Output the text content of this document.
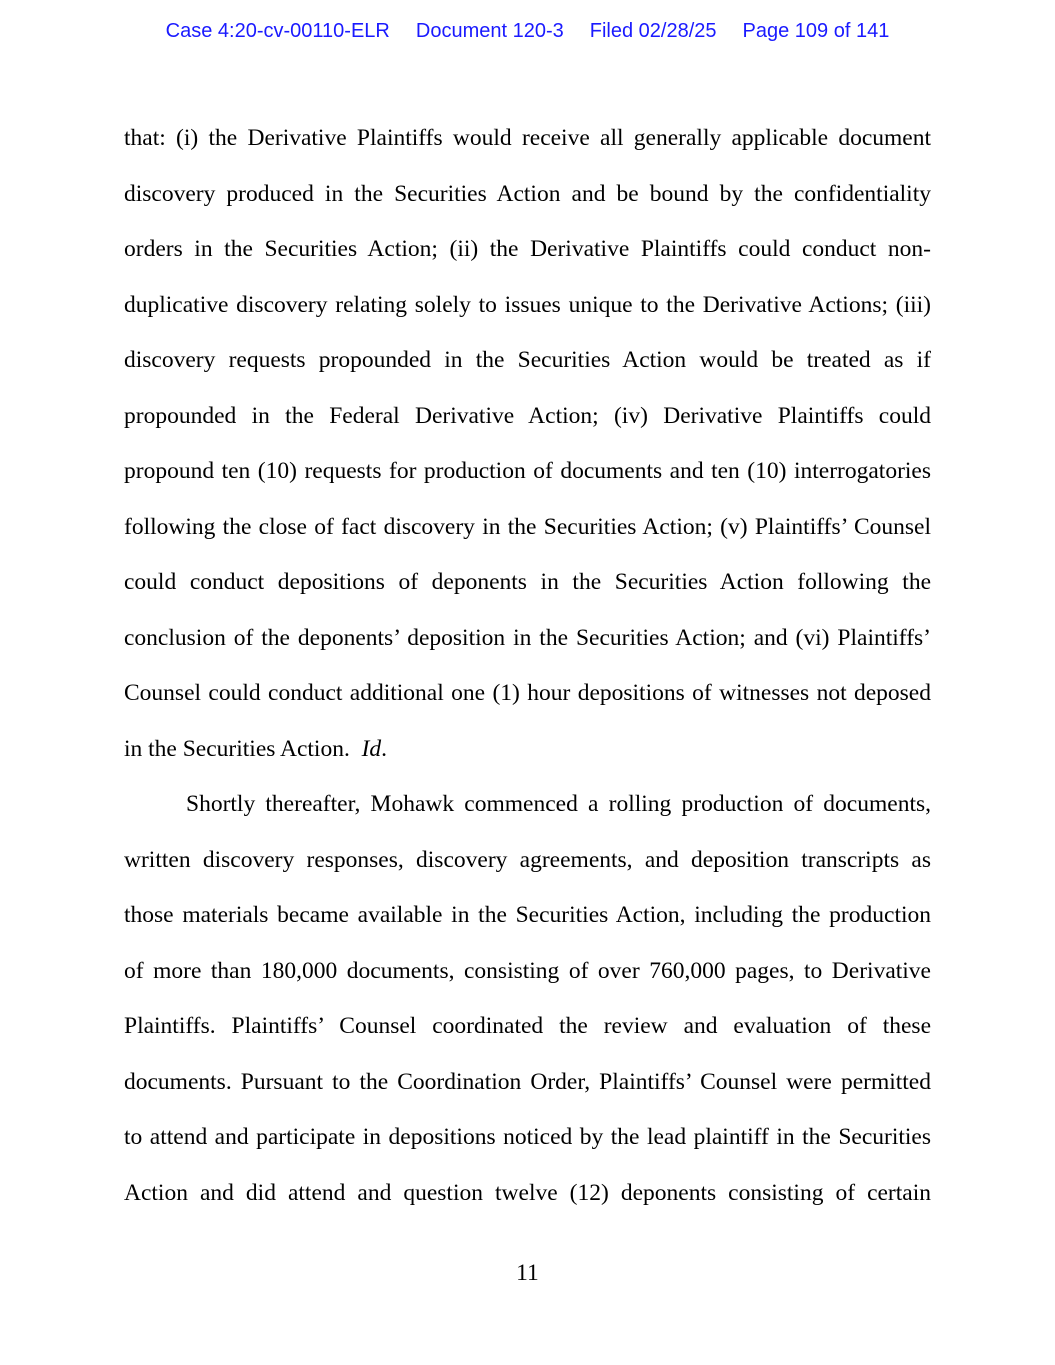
Case 4:20-cv-00110-ELR Document 120-3 Filed 02/28/25 Page 109 of 141
that: (i) the Derivative Plaintiffs would receive all generally applicable document
discovery produced in the Securities Action and be bound by the confidentiality
orders in the Securities Action; (ii) the Derivative Plaintiffs could conduct non-
duplicative discovery relating solely to issues unique to the Derivative Actions; (iii)
discovery requests propounded in the Securities Action would be treated as if
propounded in the Federal Derivative Action; (iv) Derivative Plaintiffs could
propound ten (10) requests for production of documents and ten (10) interrogatories
following the close of fact discovery in the Securities Action; (v) Plaintiffs’ Counsel
could conduct depositions of deponents in the Securities Action following the
conclusion of the deponents’ deposition in the Securities Action; and (vi) Plaintiffs’
Counsel could conduct additional one (1) hour depositions of witnesses not deposed
in the Securities Action.  Id.
Shortly thereafter, Mohawk commenced a rolling production of documents,
written discovery responses, discovery agreements, and deposition transcripts as
those materials became available in the Securities Action, including the production
of more than 180,000 documents, consisting of over 760,000 pages, to Derivative
Plaintiffs. Plaintiffs’ Counsel coordinated the review and evaluation of these
documents. Pursuant to the Coordination Order, Plaintiffs’ Counsel were permitted
to attend and participate in depositions noticed by the lead plaintiff in the Securities
Action and did attend and question twelve (12) deponents consisting of certain
11
